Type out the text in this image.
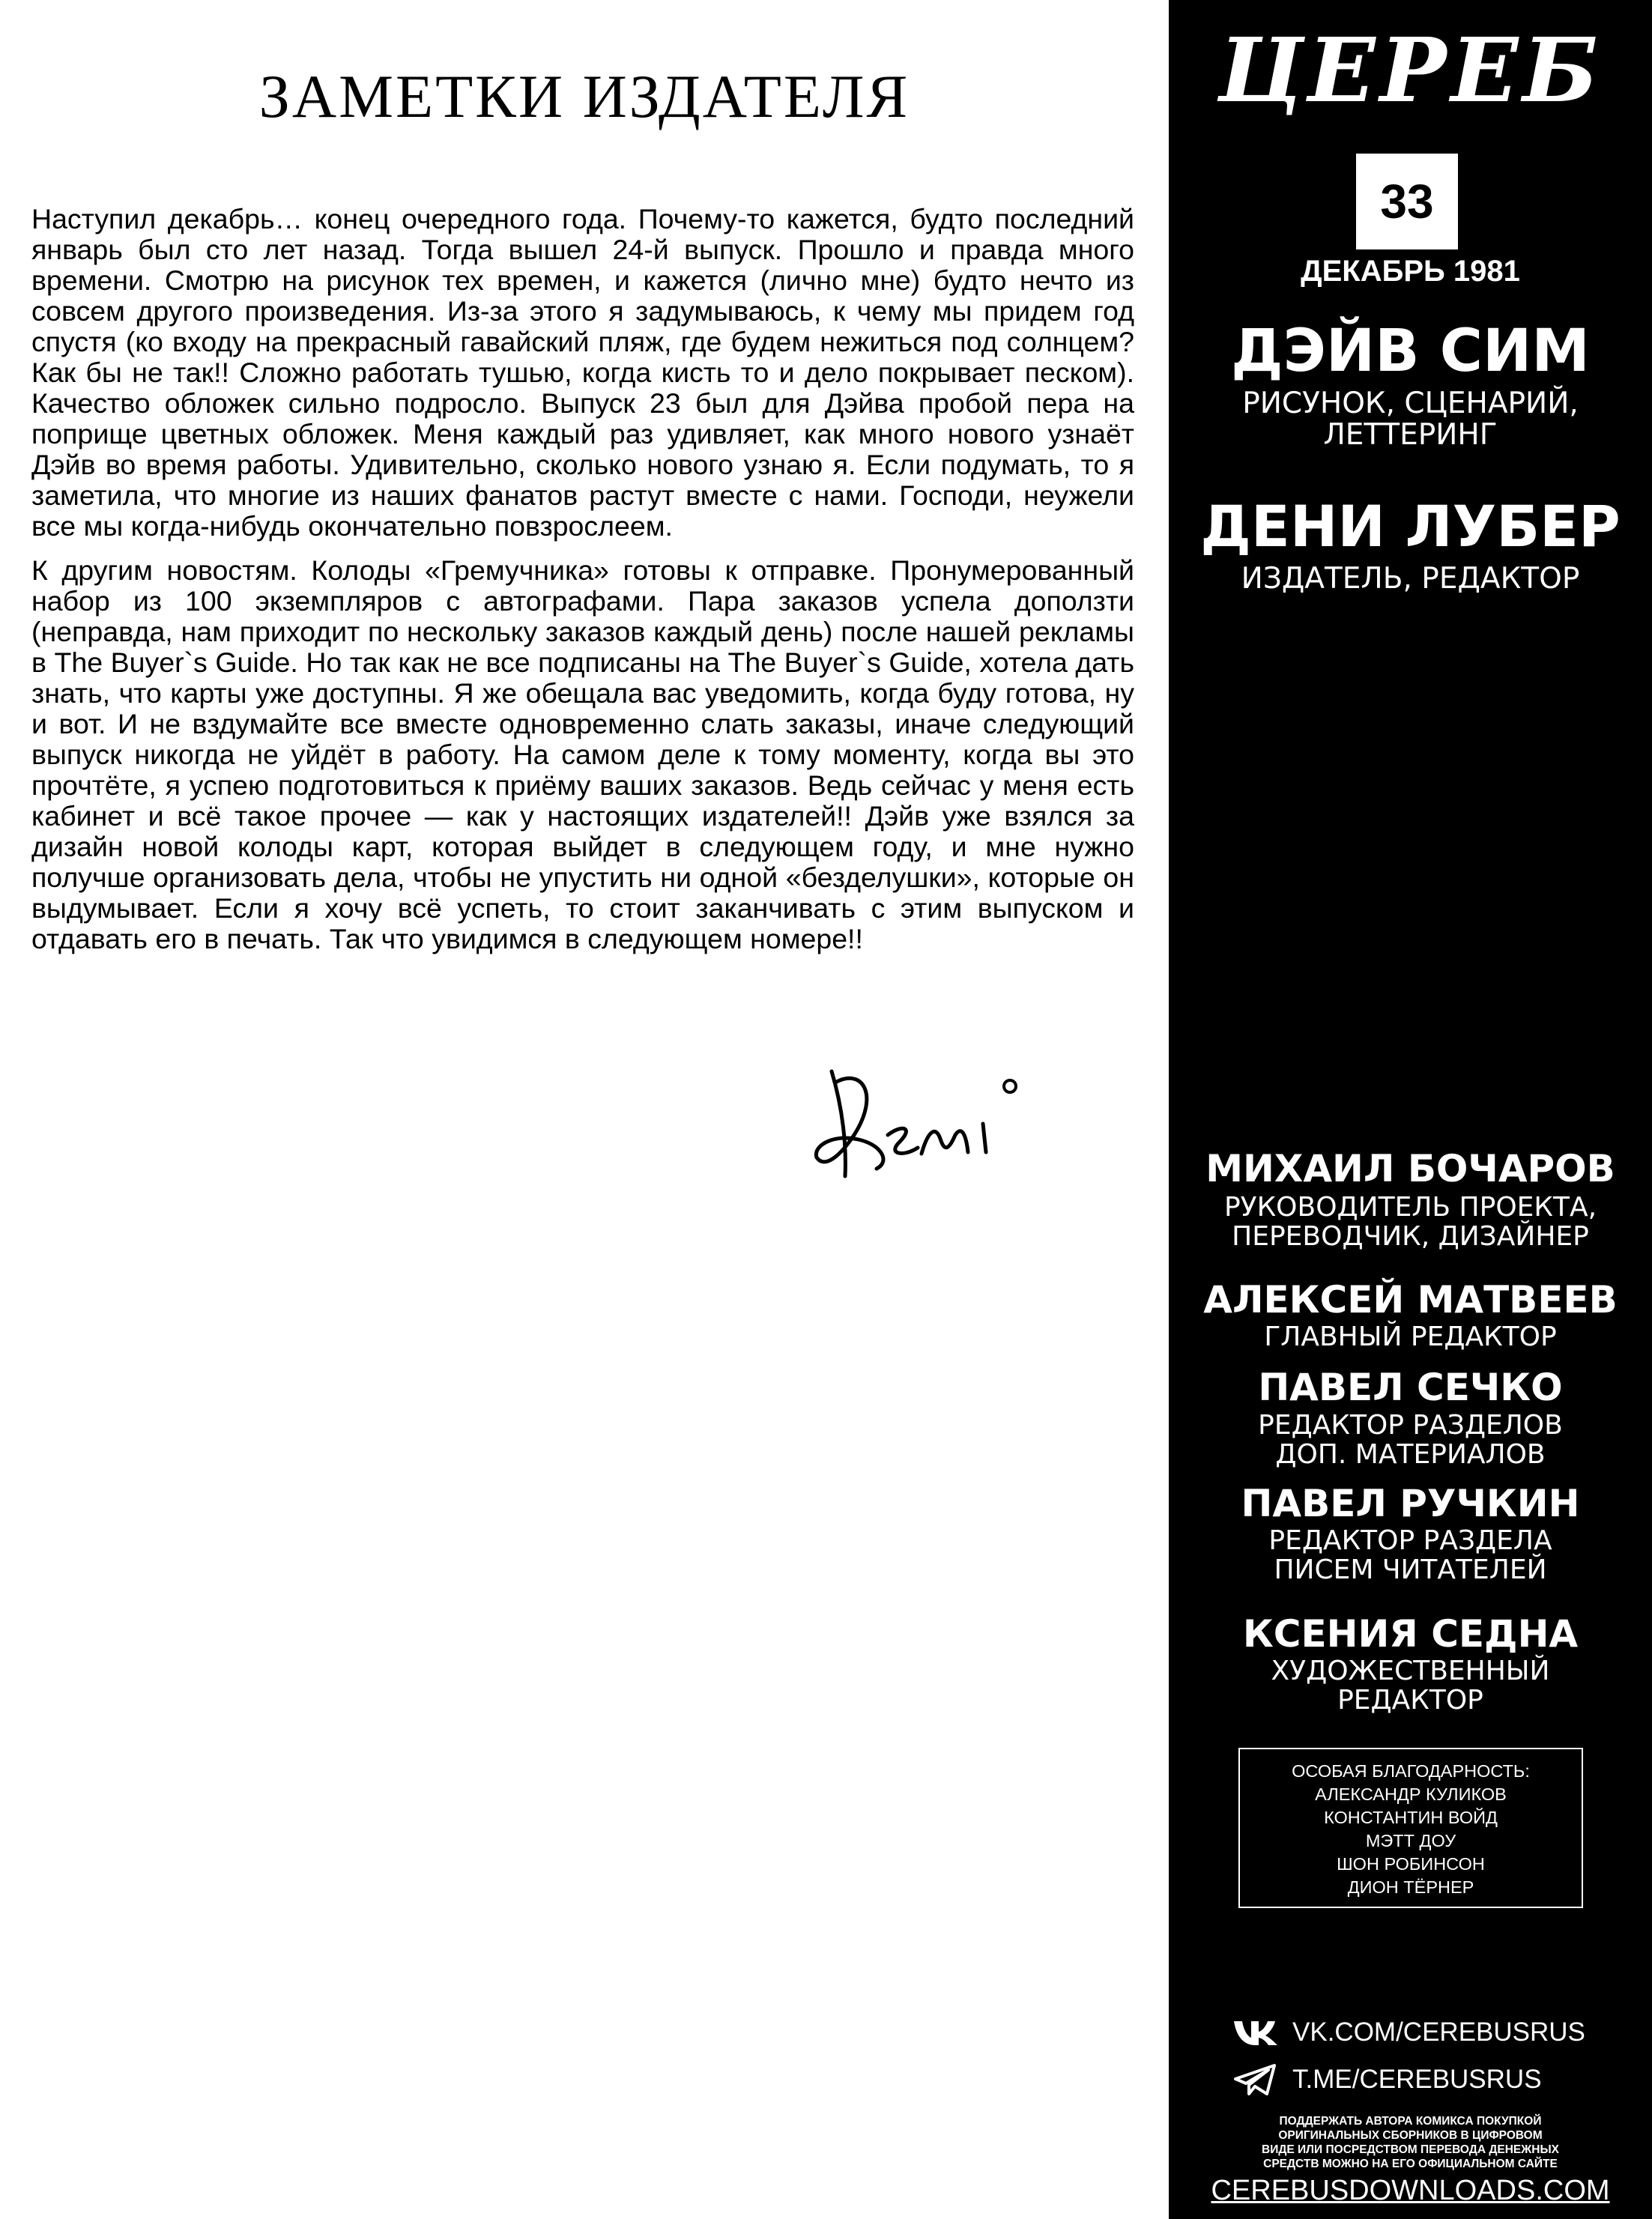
ЗАМЕТКИ ИЗДАТЕЛЯ

Наступил декабрь… конец очередного года. Почему-то кажется, будто последний январь был сто лет назад. Тогда вышел 24-й выпуск. Прошло и правда много времени. Смотрю на рисунок тех времен, и кажется (лично мне) будто нечто из совсем другого произведения. Из-за этого я задумываюсь, к чему мы придем год спустя (ко входу на прекрасный гавайский пляж, где будем нежиться под солнцем? Как бы не так!! Сложно работать тушью, когда кисть то и дело покрывает песком). Качество обложек сильно подросло. Выпуск 23 был для Дэйва пробой пера на поприще цветных обложек. Меня каждый раз удивляет, как много нового узнаёт Дэйв во время работы. Удивительно, сколько нового узнаю я. Если подумать, то я заметила, что многие из наших фанатов растут вместе с нами. Господи, неужели все мы когда-нибудь окончательно повзрослеем.

К другим новостям. Колоды «Гремучника» готовы к отправке. Пронумерованный набор из 100 экземпляров с автографами. Пара заказов успела доползти (неправда, нам приходит по нескольку заказов каждый день) после нашей рекламы в The Buyer`s Guide. Но так как не все подписаны на The Buyer`s Guide, хотела дать знать, что карты уже доступны. Я же обещала вас уведомить, когда буду готова, ну и вот. И не вздумайте все вместе одновременно слать заказы, иначе следующий выпуск никогда не уйдёт в работу. На самом деле к тому моменту, когда вы это прочтёте, я успею подготовиться к приёму ваших заказов. Ведь сейчас у меня есть кабинет и всё такое прочее — как у настоящих издателей!! Дэйв уже взялся за дизайн новой колоды карт, которая выйдет в следующем году, и мне нужно получше организовать дела, чтобы не упустить ни одной «безделушки», которые он выдумывает. Если я хочу всё успеть, то стоит заканчивать с этим выпуском и отдавать его в печать. Так что увидимся в следующем номере!!

ЦЕРЕБ
33
ДЕКАБРЬ 1981
ДЭЙВ СИМ
РИСУНОК, СЦЕНАРИЙ,
ЛЕТТЕРИНГ
ДЕНИ ЛУБЕР
ИЗДАТЕЛЬ, РЕДАКТОР
МИХАИЛ БОЧАРОВ
РУКОВОДИТЕЛЬ ПРОЕКТА,
ПЕРЕВОДЧИК, ДИЗАЙНЕР
АЛЕКСЕЙ МАТВЕЕВ
ГЛАВНЫЙ РЕДАКТОР
ПАВЕЛ СЕЧКО
РЕДАКТОР РАЗДЕЛОВ
ДОП. МАТЕРИАЛОВ
ПАВЕЛ РУЧКИН
РЕДАКТОР РАЗДЕЛА
ПИСЕМ ЧИТАТЕЛЕЙ
КСЕНИЯ СЕДНА
ХУДОЖЕСТВЕННЫЙ
РЕДАКТОР
ОСОБАЯ БЛАГОДАРНОСТЬ:
АЛЕКСАНДР КУЛИКОВ
КОНСТАНТИН ВОЙД
МЭТТ ДОУ
ШОН РОБИНСОН
ДИОН ТЁРНЕР
VK.COM/CEREBUSRUS
T.ME/CEREBUSRUS
ПОДДЕРЖАТЬ АВТОРА КОМИКСА ПОКУПКОЙ
ОРИГИНАЛЬНЫХ СБОРНИКОВ В ЦИФРОВОМ
ВИДЕ ИЛИ ПОСРЕДСТВОМ ПЕРЕВОДА ДЕНЕЖНЫХ
СРЕДСТВ МОЖНО НА ЕГО ОФИЦИАЛЬНОМ САЙТЕ
CEREBUSDOWNLOADS.COM
